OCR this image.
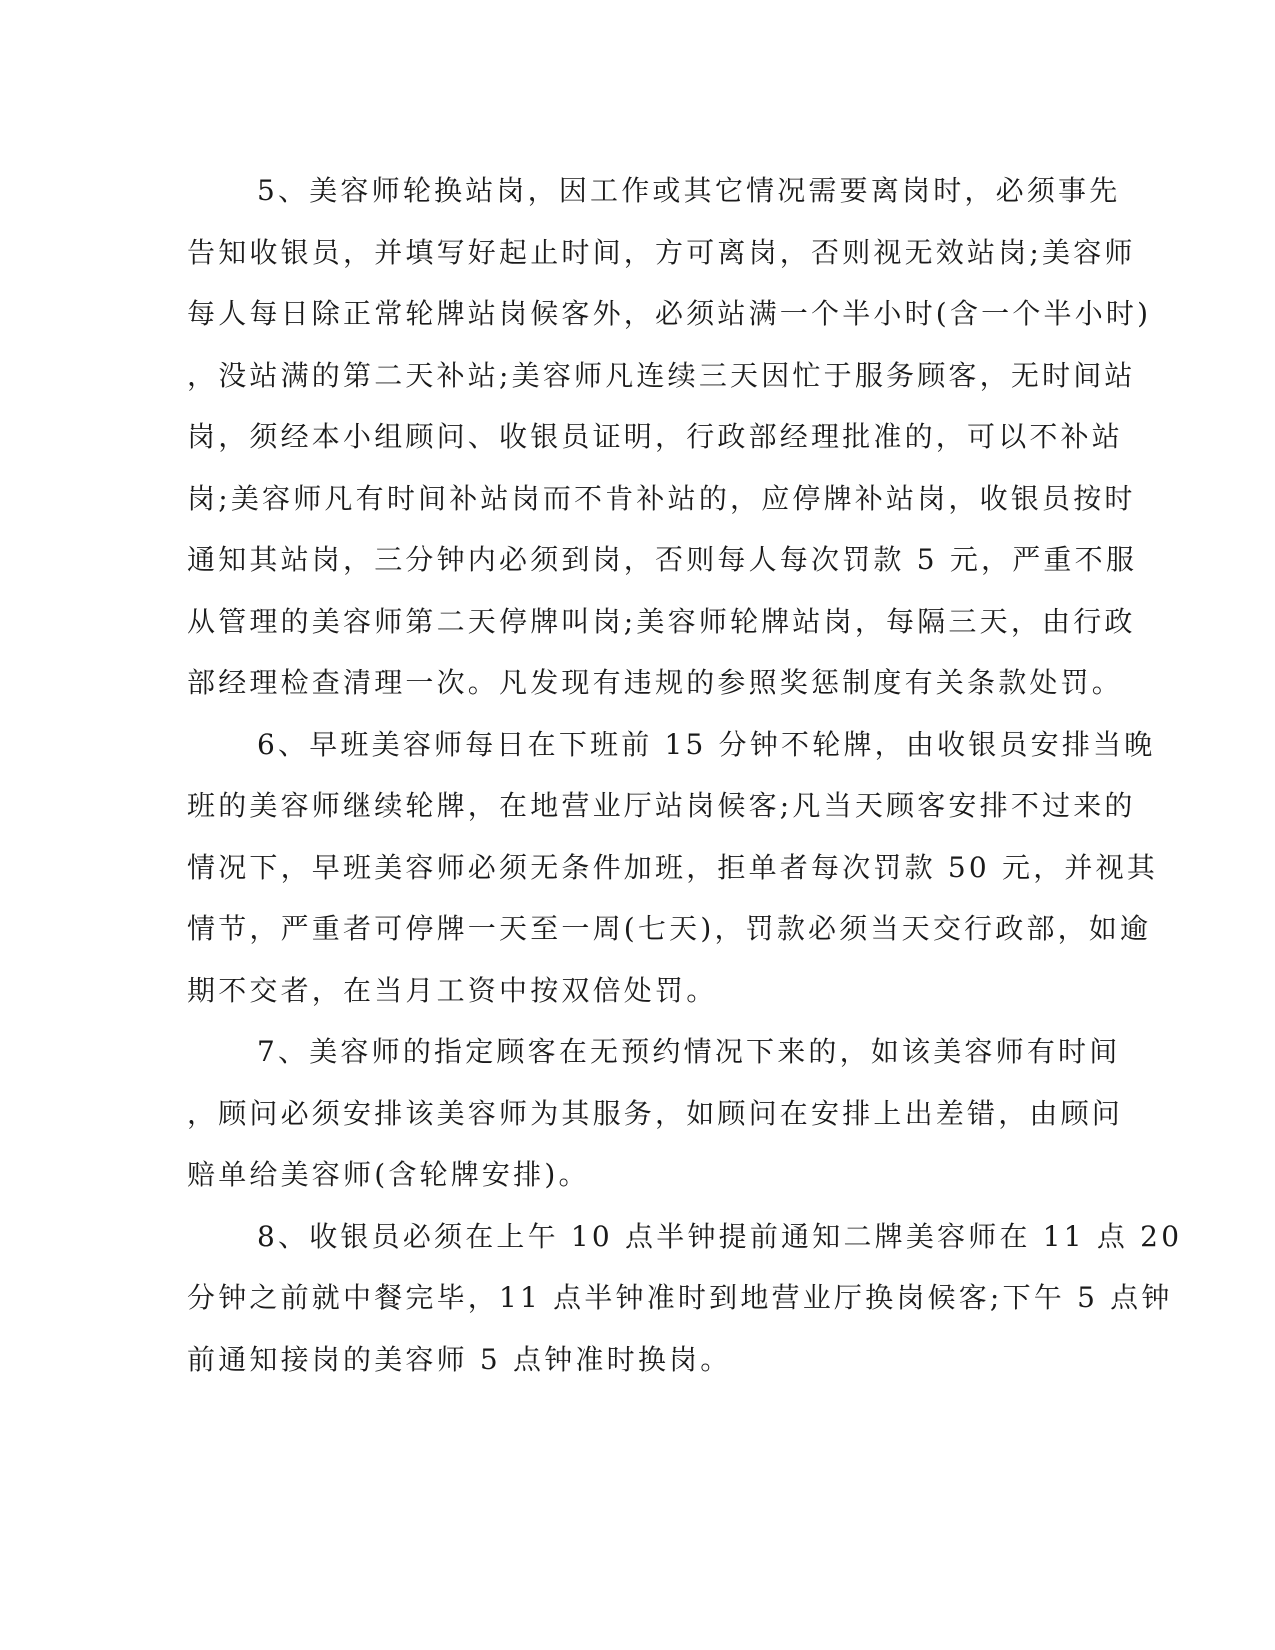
5、美容师轮换站岗，因工作或其它情况需要离岗时，必须事先
告知收银员，并填写好起止时间，方可离岗，否则视无效站岗;美容师
每人每日除正常轮牌站岗候客外，必须站满一个半小时(含一个半小时)
，没站满的第二天补站;美容师凡连续三天因忙于服务顾客，无时间站
岗，须经本小组顾问、收银员证明，行政部经理批准的，可以不补站
岗;美容师凡有时间补站岗而不肯补站的，应停牌补站岗，收银员按时
通知其站岗，三分钟内必须到岗，否则每人每次罚款 5 元，严重不服
从管理的美容师第二天停牌叫岗;美容师轮牌站岗，每隔三天，由行政
部经理检查清理一次。凡发现有违规的参照奖惩制度有关条款处罚。
6、早班美容师每日在下班前 15 分钟不轮牌，由收银员安排当晚
班的美容师继续轮牌，在地营业厅站岗候客;凡当天顾客安排不过来的
情况下，早班美容师必须无条件加班，拒单者每次罚款 50 元，并视其
情节，严重者可停牌一天至一周(七天)，罚款必须当天交行政部，如逾
期不交者，在当月工资中按双倍处罚。
7、美容师的指定顾客在无预约情况下来的，如该美容师有时间
，顾问必须安排该美容师为其服务，如顾问在安排上出差错，由顾问
赔单给美容师(含轮牌安排)。
8、收银员必须在上午 10 点半钟提前通知二牌美容师在 11 点 20
分钟之前就中餐完毕，11 点半钟准时到地营业厅换岗候客;下午 5 点钟
前通知接岗的美容师 5 点钟准时换岗。
